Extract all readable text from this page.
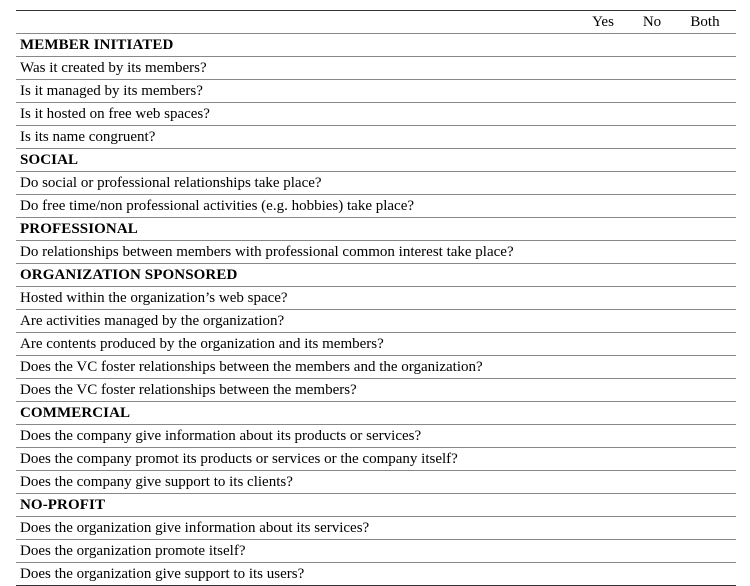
	Yes	No	Both
MEMBER INITIATED			
Was it created by its members?			
Is it managed by its members?			
Is it hosted on free web spaces?			
Is its name congruent?			
SOCIAL			
Do social or professional relationships take place?			
Do free time/non professional activities (e.g. hobbies) take place?			
PROFESSIONAL			
Do relationships between members with professional common interest take place?			
ORGANIZATION SPONSORED			
Hosted within the organization’s web space?			
Are activities managed by the organization?			
Are contents produced by the organization and its members?			
Does the VC foster relationships between the members and the organization?			
Does the VC foster relationships between the members?			
COMMERCIAL			
Does the company give information about its products or services?			
Does the company promot its products or services or the company itself?			
Does the company give support to its clients?			
NO-PROFIT			
Does the organization give information about its services?			
Does the organization promote itself?			
Does the organization give support to its users?			
